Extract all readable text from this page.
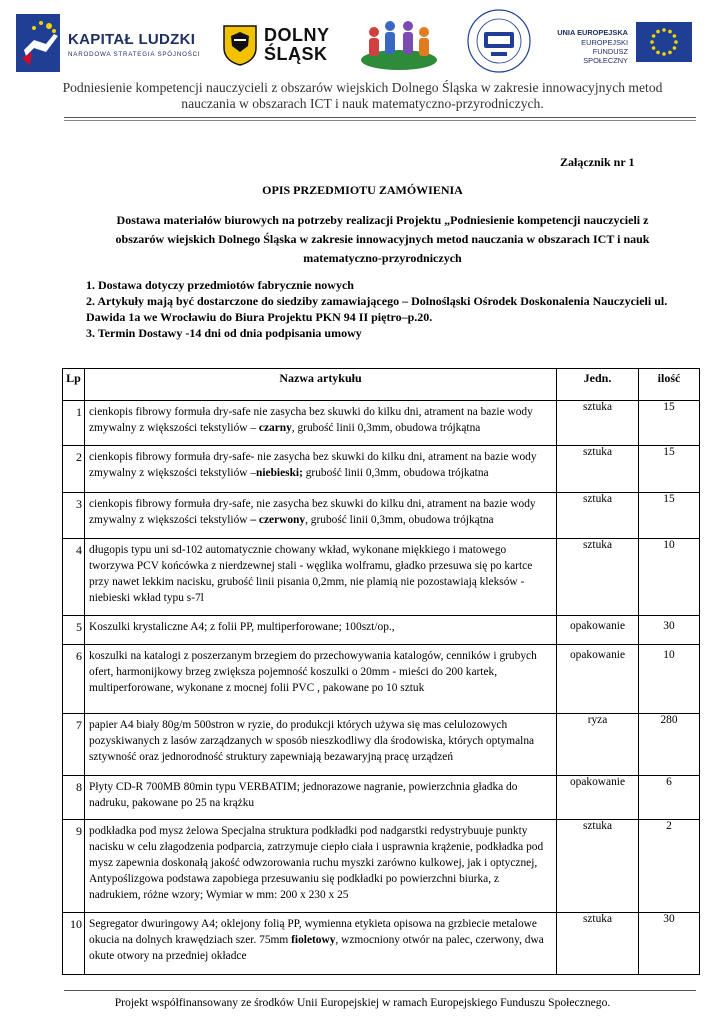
KAPITAŁ LUDZKI
NARODOWA STRATEGIA SPÓJNOŚCI
DOLNY
ŚLĄSK
UNIA EUROPEJSKA
EUROPEJSKI
FUNDUSZ SPOŁECZNY
Podniesienie kompetencji nauczycieli z obszarów wiejskich Dolnego Śląska w zakresie innowacyjnych metod nauczania w obszarach ICT i nauk matematyczno-przyrodniczych.
Załącznik nr 1
OPIS PRZEDMIOTU ZAMÓWIENIA
Dostawa materiałów biurowych na potrzeby realizacji Projektu „Podniesienie kompetencji nauczycieli z obszarów wiejskich Dolnego Śląska w zakresie innowacyjnych metod nauczania w obszarach ICT i nauk matematyczno-przyrodniczych
1. Dostawa dotyczy przedmiotów fabrycznie nowych
2. Artykuły mają być dostarczone do siedziby zamawiającego – Dolnośląski Ośrodek Doskonalenia Nauczycieli ul. Dawida 1a we Wrocławiu do Biura Projektu PKN 94 II piętro–p.20.
3. Termin Dostawy -14 dni od dnia podpisania umowy
Lp	Nazwa artykułu	Jedn.	ilość
1	cienkopis fibrowy formuła dry-safe nie zasycha bez skuwki do kilku dni, atrament na bazie wody zmywalny z większości tekstyliów – czarny, grubość linii 0,3mm, obudowa trójkątna	sztuka	15
2	cienkopis fibrowy formuła dry-safe- nie zasycha bez skuwki do kilku dni, atrament na bazie wody zmywalny z większości tekstyliów –niebieski; grubość linii 0,3mm, obudowa trójkatna	sztuka	15
3	cienkopis fibrowy formuła dry-safe, nie zasycha bez skuwki do kilku dni, atrament na bazie wody zmywalny z większości tekstyliów – czerwony, grubość linii 0,3mm, obudowa trójkątna	sztuka	15
4	długopis typu uni sd-102 automatycznie chowany wkład, wykonane miękkiego i matowego tworzywa PCV końcówka z nierdzewnej stali - węglika wolframu, gładko przesuwa się po kartce przy nawet lekkim nacisku, grubość linii pisania 0,2mm, nie plamią nie pozostawiają kleksów - niebieski wkład typu s-7l	sztuka	10
5	Koszulki krystaliczne A4; z folii PP, multiperforowane; 100szt/op.,	opakowanie	30
6	koszulki na katalogi z poszerzanym brzegiem do przechowywania katalogów, cenników i grubych ofert, harmonijkowy brzeg zwiększa pojemność koszulki o 20mm - mieści do 200 kartek, multiperforowane, wykonane z mocnej folii PVC , pakowane po 10 sztuk	opakowanie	10
7	papier A4 biały 80g/m 500stron w ryzie, do produkcji których używa się mas celulozowych pozyskiwanych z lasów zarządzanych w sposób nieszkodliwy dla środowiska, których optymalna sztywność oraz jednorodność struktury zapewniają bezawaryjną pracę urządzeń	ryza	280
8	Płyty CD-R 700MB 80min typu VERBATIM; jednorazowe nagranie, powierzchnia gładka do nadruku, pakowane po 25 na krążku	opakowanie	6
9	podkładka pod mysz żelowa Specjalna struktura podkładki pod nadgarstki redystrybuuje punkty nacisku w celu złagodzenia podparcia, zatrzymuje ciepło ciała i usprawnia krążenie, podkładka pod mysz zapewnia doskonałą jakość odwzorowania ruchu myszki zarówno kulkowej, jak i optycznej, Antypoślizgowa podstawa zapobiega przesuwaniu się podkładki po powierzchni biurka, z nadrukiem, różne wzory; Wymiar w mm: 200 x 230 x 25	sztuka	2
10	Segregator dwuringowy A4; oklejony folią PP, wymienna etykieta opisowa na grzbiecie metalowe okucia na dolnych krawędziach szer. 75mm fioletowy, wzmocniony otwór na palec, czerwony, dwa okute otwory na przedniej okładce	sztuka	30
Projekt współfinansowany ze środków Unii Europejskiej w ramach Europejskiego Funduszu Społecznego.
